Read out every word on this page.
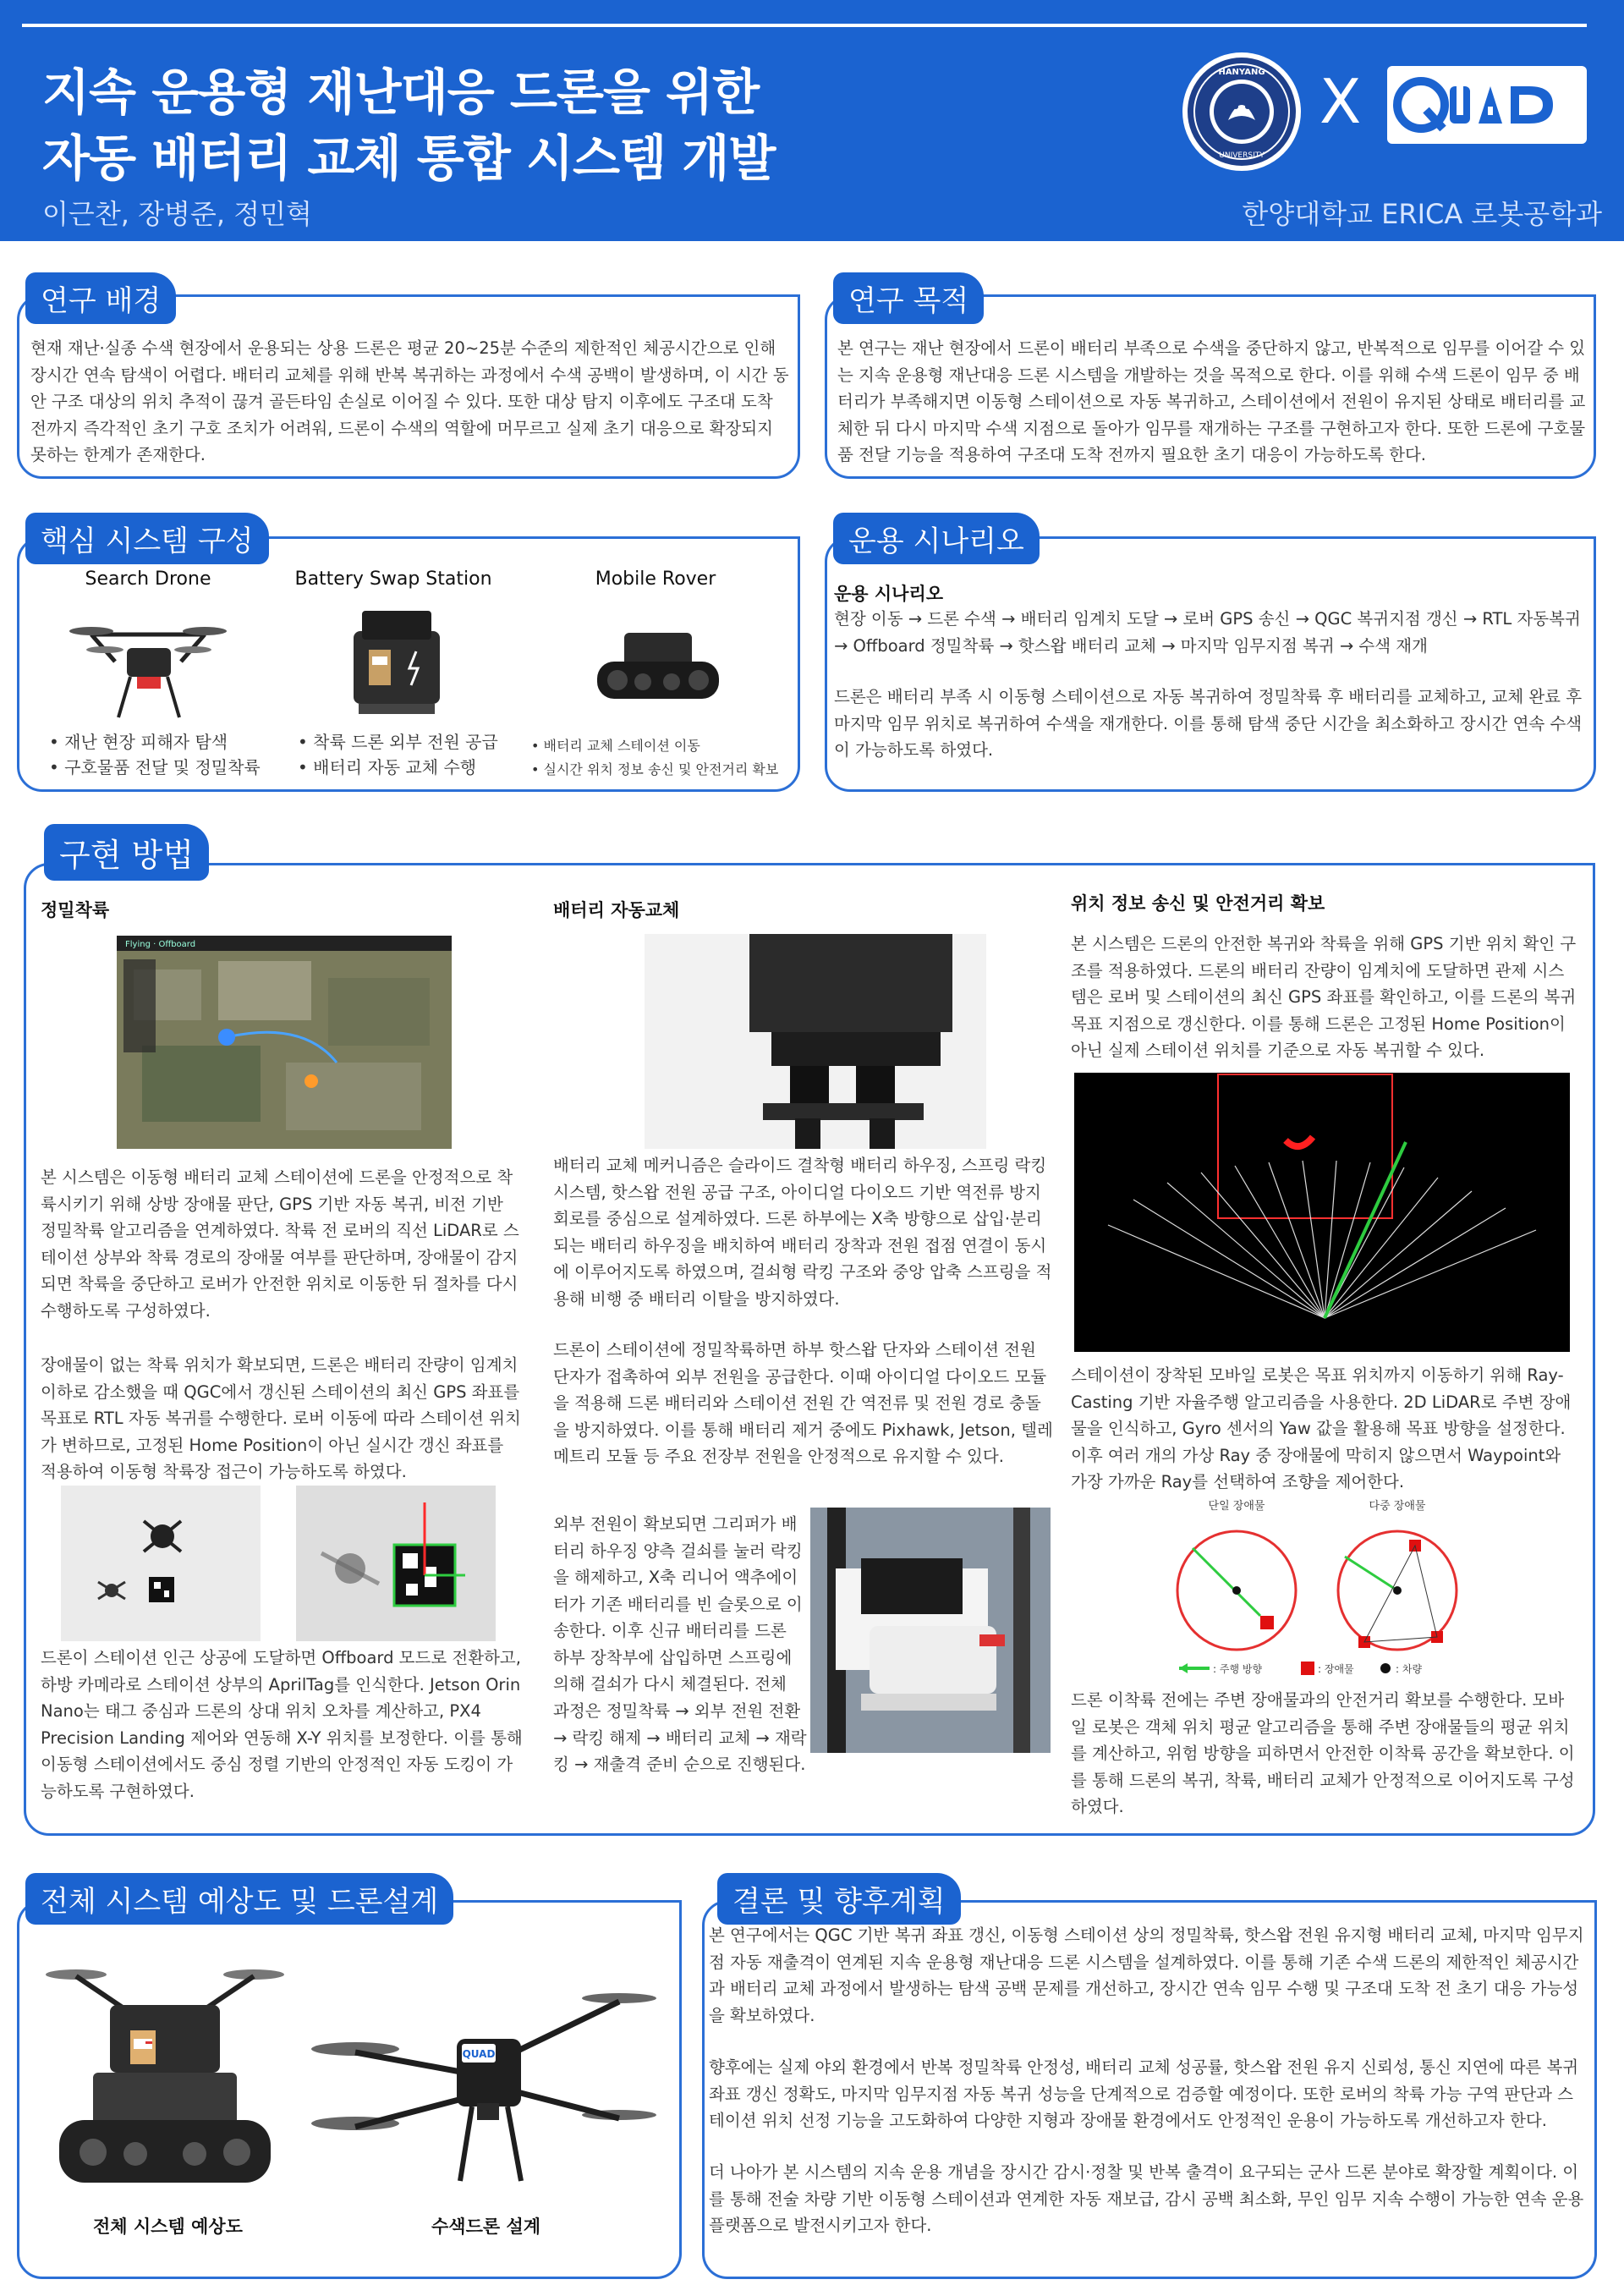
지속 운용형 재난대응 드론을 위한
자동 배터리 교체 통합 시스템 개발
이근찬, 장병준, 정민혁	한양대학교 ERICA 로봇공학과
HANYANG
UNIVERSITY
X
연구 배경
현재 재난·실종 수색 현장에서 운용되는 상용 드론은 평균 20~25분 수준의 제한적인 체공시간으로 인해 장시간 연속 탐색이 어렵다. 배터리 교체를 위해 반복 복귀하는 과정에서 수색 공백이 발생하며, 이 시간 동안 구조 대상의 위치 추적이 끊겨 골든타임 손실로 이어질 수 있다. 또한 대상 탐지 이후에도 구조대 도착 전까지 즉각적인 초기 구호 조치가 어려워, 드론이 수색의 역할에 머무르고 실제 초기 대응으로 확장되지 못하는 한계가 존재한다.
연구 목적
본 연구는 재난 현장에서 드론이 배터리 부족으로 수색을 중단하지 않고, 반복적으로 임무를 이어갈 수 있는 지속 운용형 재난대응 드론 시스템을 개발하는 것을 목적으로 한다. 이를 위해 수색 드론이 임무 중 배터리가 부족해지면 이동형 스테이션으로 자동 복귀하고, 스테이션에서 전원이 유지된 상태로 배터리를 교체한 뒤 다시 마지막 수색 지점으로 돌아가 임무를 재개하는 구조를 구현하고자 한다. 또한 드론에 구호물품 전달 기능을 적용하여 구조대 도착 전까지 필요한 초기 대응이 가능하도록 한다.
핵심 시스템 구성
Search Drone	Battery Swap Station	Mobile Rover
• 재난 현장 피해자 탐색
• 구호물품 전달 및 정밀착륙
• 착륙 드론 외부 전원 공급
• 배터리 자동 교체 수행
• 배터리 교체 스테이션 이동
• 실시간 위치 정보 송신 및 안전거리 확보
운용 시나리오
운용 시나리오
현장 이동 → 드론 수색 → 배터리 임계치 도달 → 로버 GPS 송신 → QGC 복귀지점 갱신 → RTL 자동복귀 → Offboard 정밀착륙 → 핫스왑 배터리 교체 → 마지막 임무지점 복귀 → 수색 재개
드론은 배터리 부족 시 이동형 스테이션으로 자동 복귀하여 정밀착륙 후 배터리를 교체하고, 교체 완료 후 마지막 임무 위치로 복귀하여 수색을 재개한다. 이를 통해 탐색 중단 시간을 최소화하고 장시간 연속 수색이 가능하도록 하였다.
구현 방법
정밀착륙
Flying · Offboard
본 시스템은 이동형 배터리 교체 스테이션에 드론을 안정적으로 착륙시키기 위해 상방 장애물 판단, GPS 기반 자동 복귀, 비전 기반 정밀착륙 알고리즘을 연계하였다. 착륙 전 로버의 직선 LiDAR로 스테이션 상부와 착륙 경로의 장애물 여부를 판단하며, 장애물이 감지되면 착륙을 중단하고 로버가 안전한 위치로 이동한 뒤 절차를 다시 수행하도록 구성하였다.
장애물이 없는 착륙 위치가 확보되면, 드론은 배터리 잔량이 임계치 이하로 감소했을 때 QGC에서 갱신된 스테이션의 최신 GPS 좌표를 목표로 RTL 자동 복귀를 수행한다. 로버 이동에 따라 스테이션 위치가 변하므로, 고정된 Home Position이 아닌 실시간 갱신 좌표를 적용하여 이동형 착륙장 접근이 가능하도록 하였다.
드론이 스테이션 인근 상공에 도달하면 Offboard 모드로 전환하고, 하방 카메라로 스테이션 상부의 AprilTag를 인식한다. Jetson Orin Nano는 태그 중심과 드론의 상대 위치 오차를 계산하고, PX4 Precision Landing 제어와 연동해 X-Y 위치를 보정한다. 이를 통해 이동형 스테이션에서도 중심 정렬 기반의 안정적인 자동 도킹이 가능하도록 구현하였다.
배터리 자동교체
배터리 교체 메커니즘은 슬라이드 결착형 배터리 하우징, 스프링 락킹 시스템, 핫스왑 전원 공급 구조, 아이디얼 다이오드 기반 역전류 방지 회로를 중심으로 설계하였다. 드론 하부에는 X축 방향으로 삽입·분리되는 배터리 하우징을 배치하여 배터리 장착과 전원 접점 연결이 동시에 이루어지도록 하였으며, 걸쇠형 락킹 구조와 중앙 압축 스프링을 적용해 비행 중 배터리 이탈을 방지하였다.
드론이 스테이션에 정밀착륙하면 하부 핫스왑 단자와 스테이션 전원 단자가 접촉하여 외부 전원을 공급한다. 이때 아이디얼 다이오드 모듈을 적용해 드론 배터리와 스테이션 전원 간 역전류 및 전원 경로 충돌을 방지하였다. 이를 통해 배터리 제거 중에도 Pixhawk, Jetson, 텔레메트리 모듈 등 주요 전장부 전원을 안정적으로 유지할 수 있다.
외부 전원이 확보되면 그리퍼가 배터리 하우징 양측 걸쇠를 눌러 락킹을 해제하고, X축 리니어 액추에이터가 기존 배터리를 빈 슬롯으로 이송한다. 이후 신규 배터리를 드론 하부 장착부에 삽입하면 스프링에 의해 걸쇠가 다시 체결된다. 전체 과정은 정밀착륙 → 외부 전원 전환 → 락킹 해제 → 배터리 교체 → 재락킹 → 재출격 준비 순으로 진행된다.
위치 정보 송신 및 안전거리 확보
본 시스템은 드론의 안전한 복귀와 착륙을 위해 GPS 기반 위치 확인 구조를 적용하였다. 드론의 배터리 잔량이 임계치에 도달하면 관제 시스템은 로버 및 스테이션의 최신 GPS 좌표를 확인하고, 이를 드론의 복귀 목표 지점으로 갱신한다. 이를 통해 드론은 고정된 Home Position이 아닌 실제 스테이션 위치를 기준으로 자동 복귀할 수 있다.
스테이션이 장착된 모바일 로봇은 목표 위치까지 이동하기 위해 Ray-Casting 기반 자율주행 알고리즘을 사용한다. 2D LiDAR로 주변 장애물을 인식하고, Gyro 센서의 Yaw 값을 활용해 목표 방향을 설정한다. 이후 여러 개의 가상 Ray 중 장애물에 막히지 않으면서 Waypoint와 가장 가까운 Ray를 선택하여 조향을 제어한다.
단일 장애물	다중 장애물
: 주행 방향	: 장애물	: 차량
드론 이착륙 전에는 주변 장애물과의 안전거리 확보를 수행한다. 모바일 로봇은 객체 위치 평균 알고리즘을 통해 주변 장애물들의 평균 위치를 계산하고, 위험 방향을 피하면서 안전한 이착륙 공간을 확보한다. 이를 통해 드론의 복귀, 착륙, 배터리 교체가 안정적으로 이어지도록 구성하였다.
전체 시스템 예상도 및 드론설계
QUAD
전체 시스템 예상도	수색드론 설계
결론 및 향후계획
본 연구에서는 QGC 기반 복귀 좌표 갱신, 이동형 스테이션 상의 정밀착륙, 핫스왑 전원 유지형 배터리 교체, 마지막 임무지점 자동 재출격이 연계된 지속 운용형 재난대응 드론 시스템을 설계하였다. 이를 통해 기존 수색 드론의 제한적인 체공시간과 배터리 교체 과정에서 발생하는 탐색 공백 문제를 개선하고, 장시간 연속 임무 수행 및 구조대 도착 전 초기 대응 가능성을 확보하였다.
향후에는 실제 야외 환경에서 반복 정밀착륙 안정성, 배터리 교체 성공률, 핫스왑 전원 유지 신뢰성, 통신 지연에 따른 복귀 좌표 갱신 정확도, 마지막 임무지점 자동 복귀 성능을 단계적으로 검증할 예정이다. 또한 로버의 착륙 가능 구역 판단과 스테이션 위치 선정 기능을 고도화하여 다양한 지형과 장애물 환경에서도 안정적인 운용이 가능하도록 개선하고자 한다.
더 나아가 본 시스템의 지속 운용 개념을 장시간 감시·정찰 및 반복 출격이 요구되는 군사 드론 분야로 확장할 계획이다. 이를 통해 전술 차량 기반 이동형 스테이션과 연계한 자동 재보급, 감시 공백 최소화, 무인 임무 지속 수행이 가능한 연속 운용 플랫폼으로 발전시키고자 한다.
